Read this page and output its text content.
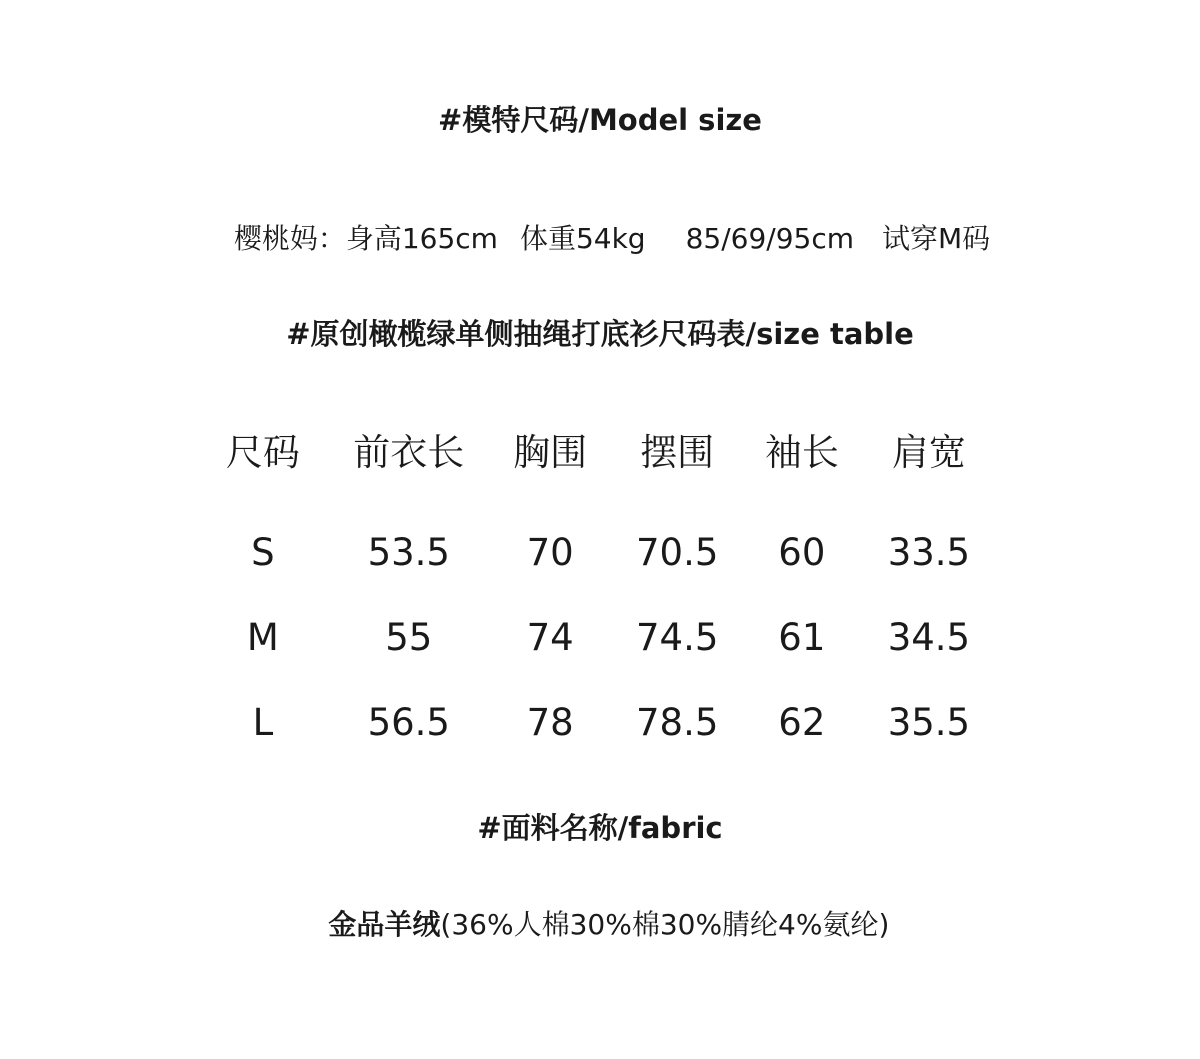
#模特尺码/Model size

樱桃妈：身高165cm 体重54kg 85/69/95cm 试穿M码

#原创橄榄绿单侧抽绳打底衫尺码表/size table
尺码	前衣长	胸围	摆围	袖长	肩宽
S	53.5	70	70.5	60	33.5
M	55	74	74.5	61	34.5
L	56.5	78	78.5	62	35.5
#面料名称/fabric

金品羊绒(36%人棉30%棉30%腈纶4%氨纶)
